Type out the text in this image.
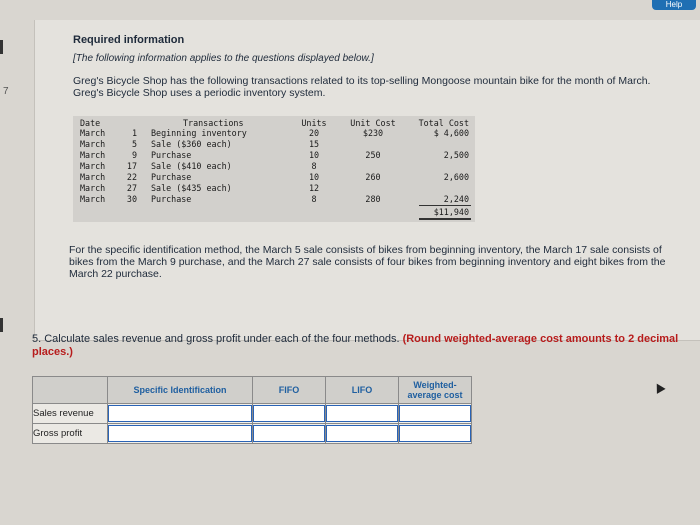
Help
7
Required information
[The following information applies to the questions displayed below.]
Greg's Bicycle Shop has the following transactions related to its top-selling Mongoose mountain bike for the month of March. Greg's Bicycle Shop uses a periodic inventory system.
Date	Transactions	Units	Unit Cost	Total Cost
March	1 Beginning inventory	20	$230	$ 4,600
March	5 Sale ($360 each)	15
March	9 Purchase	10	250	2,500
March	17 Sale ($410 each)	8
March	22 Purchase	10	260	2,600
March	27 Sale ($435 each)	12
March	30 Purchase	8	280	2,240
$11,940
For the specific identification method, the March 5 sale consists of bikes from beginning inventory, the March 17 sale consists of bikes from the March 9 purchase, and the March 27 sale consists of four bikes from beginning inventory and eight bikes from the March 22 purchase.
5. Calculate sales revenue and gross profit under each of the four methods. (Round weighted-average cost amounts to 2 decimal places.)
	Specific Identification	FIFO	LIFO	Weighted-average cost
Sales revenue				
Gross profit				
